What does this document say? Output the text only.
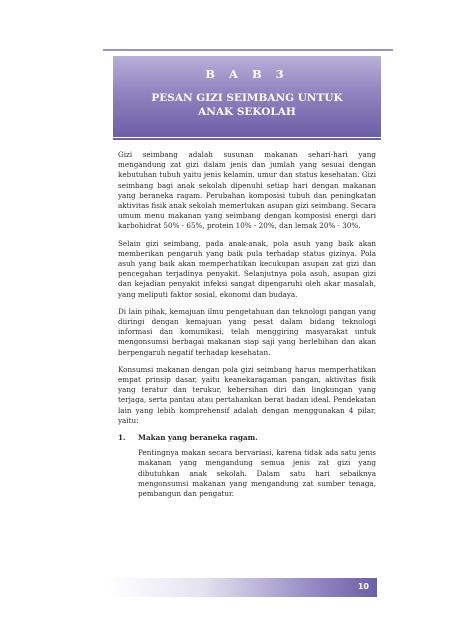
B A B 3
PESAN GIZI SEIMBANG UNTUK
ANAK SEKOLAH

Gizi seimbang adalah susunan makanan sehari-hari yang mengandung zat gizi dalam jenis dan jumlah yang sesuai dengan kebutuhan tubuh yaitu jenis kelamin, umur dan status kesehatan. Gizi seimbang bagi anak sekolah dipenuhi setiap hari dengan makanan yang beraneka ragam. Perubahan komposisi tubuh dan peningkatan aktivitas fisik anak sekolah memerlukan asupan gizi seimbang. Secara umum menu makanan yang seimbang dengan komposisi energi dari karbohidrat 50% - 65%, protein 10% - 20%, dan lemak 20% - 30%.

Selain gizi seimbang, pada anak-anak, pola asuh yang baik akan memberikan pengaruh yang baik pula terhadap status gizinya. Pola asuh yang baik akan memperhatikan kecukupan asupan zat gizi dan pencegahan terjadinya penyakit. Selanjutnya pola asuh, asupan gizi dan kejadian penyakit infeksi sangat dipengaruhi oleh akar masalah, yang meliputi faktor sosial, ekonomi dan budaya.

Di lain pihak, kemajuan ilmu pengetahuan dan teknologi pangan yang diiringi dengan kemajuan yang pesat dalam bidang teknologi informasi dan komunikasi, telah menggiring masyarakat untuk mengonsumsi berbagai makanan siap saji yang berlebihan dan akan berpengaruh negatif terhadap kesehatan.

Konsumsi makanan dengan pola gizi seimbang harus memperhatikan empat prinsip dasar, yaitu keanekaragaman pangan, aktivitas fisik yang teratur dan terukur, kebersihan diri dan lingkungan yang terjaga, serta pantau atau pertahankan berat badan ideal. Pendekatan lain yang lebih komprehensif adalah dengan menggunakan 4 pilar, yaitu:

1.	Makan yang beraneka ragam.

Pentingnya makan secara bervariasi, karena tidak ada satu jenis makanan yang mengandung semua jenis zat gizi yang dibutuhkan anak sekolah. Dalam satu hari sebaiknya mengonsumsi makanan yang mengandung zat sumber tenaga, pembangun dan pengatur.

10
